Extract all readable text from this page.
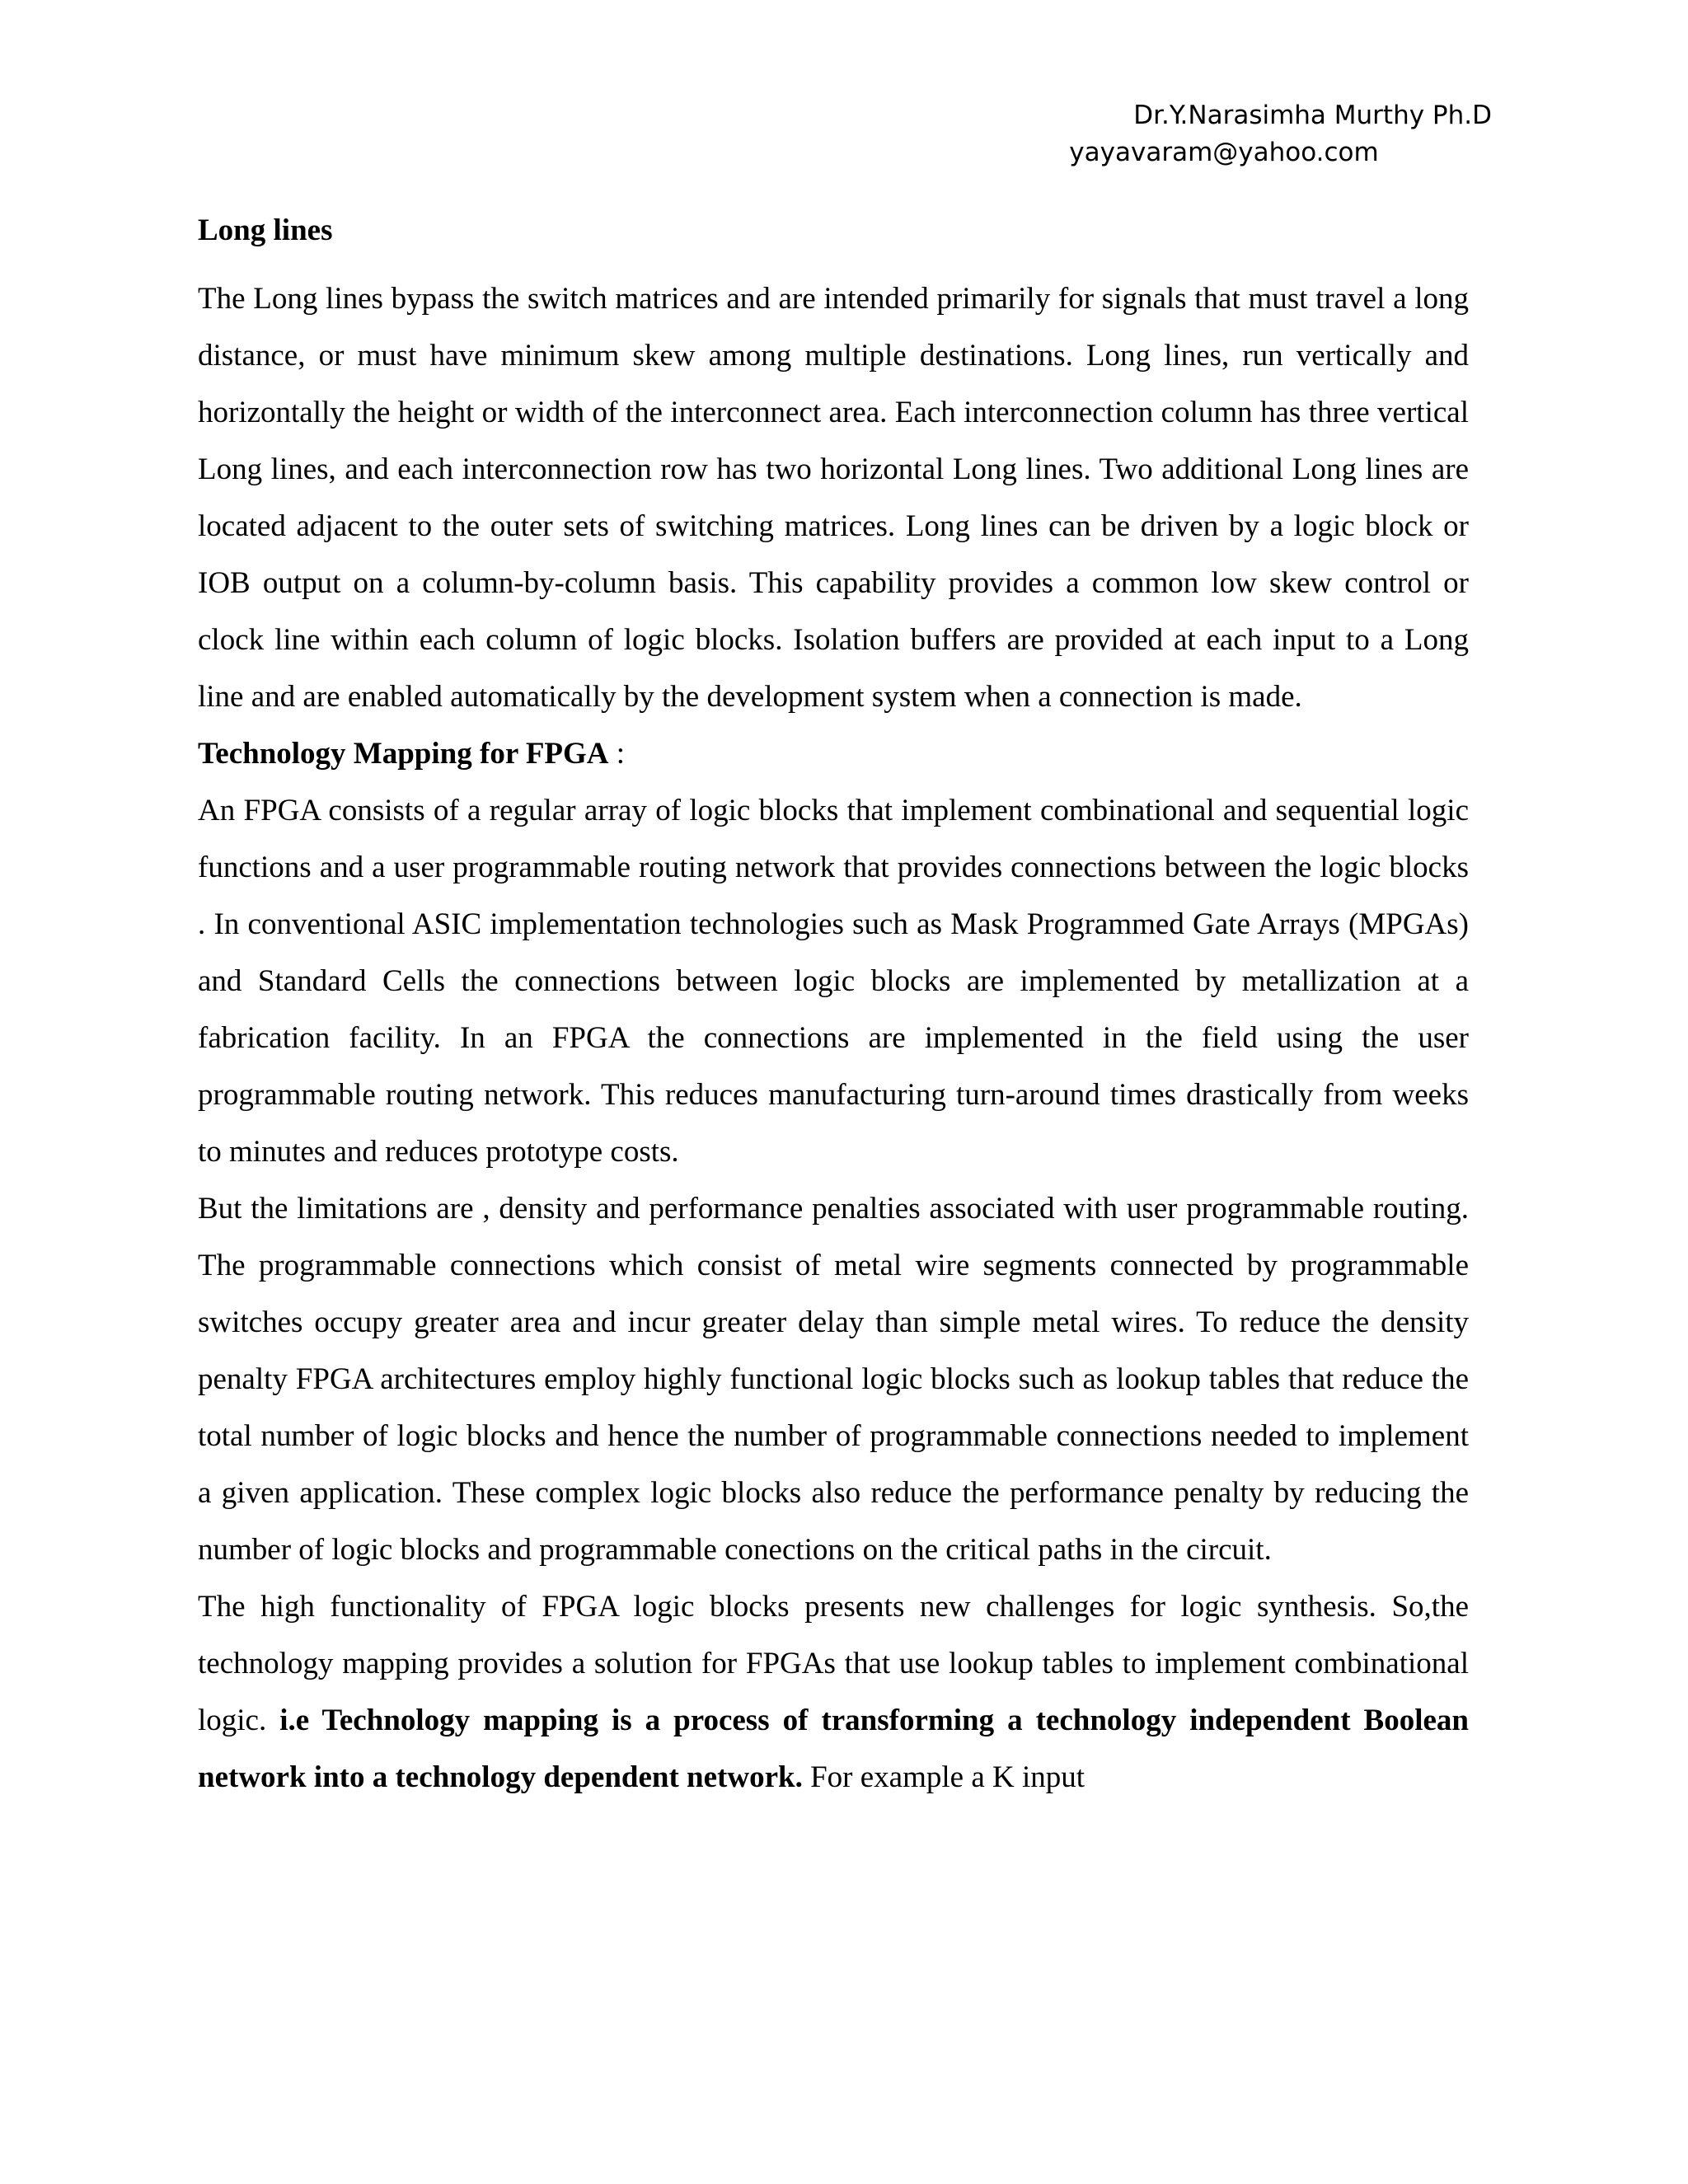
Dr.Y.Narasimha Murthy Ph.D
yayavaram@yahoo.com

Long lines

The Long lines bypass the switch matrices and are intended primarily for signals that must travel a long distance, or must have minimum skew among multiple destinations. Long lines, run vertically and horizontally the height or width of the interconnect area. Each interconnection column has three vertical Long lines, and each interconnection row has two horizontal Long lines. Two additional Long lines are located adjacent to the outer sets of switching matrices. Long lines can be driven by a logic block or IOB output on a column-by-column basis. This capability provides a common low skew control or clock line within each column of logic blocks. Isolation buffers are provided at each input to a Long line and are enabled automatically by the development system when a connection is made.

Technology Mapping for FPGA :

An FPGA consists of a regular array of logic blocks that implement combinational and sequential logic functions and a user programmable routing network that provides connections between the logic blocks . In conventional ASIC implementation technologies such as Mask Programmed Gate Arrays (MPGAs) and Standard Cells the connections between logic blocks are implemented by metallization at a fabrication facility. In an FPGA the connections are implemented in the field using the user programmable routing network. This reduces manufacturing turn-around times drastically from weeks to minutes and reduces prototype costs.

But the limitations are , density and performance penalties associated with user programmable routing. The programmable connections which consist of metal wire segments connected by programmable switches occupy greater area and incur greater delay than simple metal wires. To reduce the density penalty FPGA architectures employ highly functional logic blocks such as lookup tables that reduce the total number of logic blocks and hence the number of programmable connections needed to implement a given application. These complex logic blocks also reduce the performance penalty by reducing the number of logic blocks and programmable conections on the critical paths in the circuit.

The high functionality of FPGA logic blocks presents new challenges for logic synthesis. So,the technology mapping provides a solution for FPGAs that use lookup tables to implement combinational logic. i.e Technology mapping is a process of transforming a technology independent Boolean network into a technology dependent network. For example a K input
